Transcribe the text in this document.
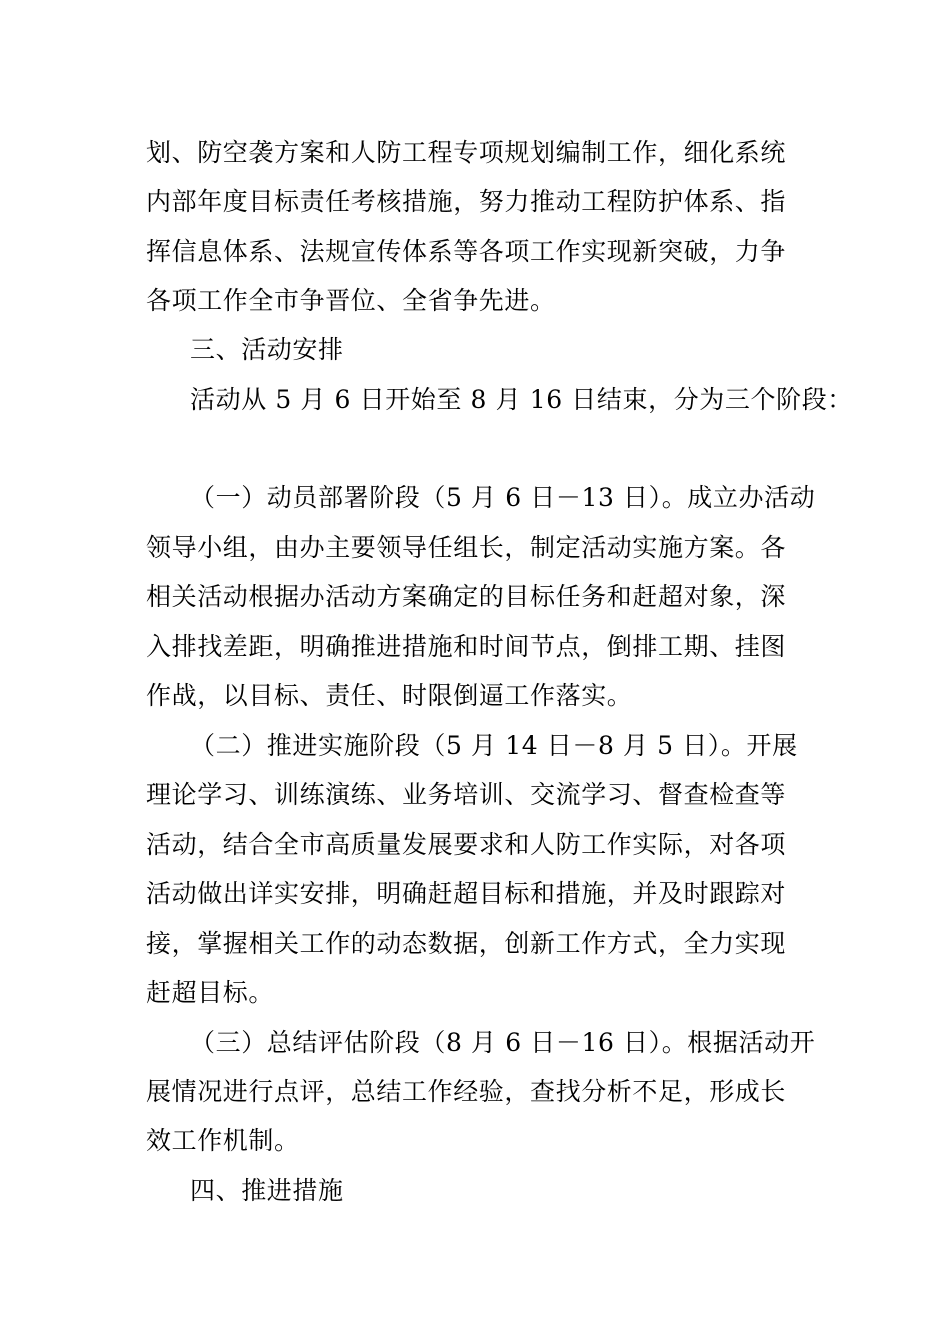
划、防空袭方案和人防工程专项规划编制工作，细化系统

内部年度目标责任考核措施，努力推动工程防护体系、指

挥信息体系、法规宣传体系等各项工作实现新突破，力争

各项工作全市争晋位、全省争先进。

三、活动安排

活动从 5 月 6 日开始至 8 月 16 日结束，分为三个阶段：

（一）动员部署阶段（5 月 6 日－13 日）。成立办活动

领导小组，由办主要领导任组长，制定活动实施方案。各

相关活动根据办活动方案确定的目标任务和赶超对象，深

入排找差距，明确推进措施和时间节点，倒排工期、挂图

作战，以目标、责任、时限倒逼工作落实。

（二）推进实施阶段（5 月 14 日－8 月 5 日）。开展

理论学习、训练演练、业务培训、交流学习、督查检查等

活动，结合全市高质量发展要求和人防工作实际，对各项

活动做出详实安排，明确赶超目标和措施，并及时跟踪对

接，掌握相关工作的动态数据，创新工作方式，全力实现

赶超目标。

（三）总结评估阶段（8 月 6 日－16 日）。根据活动开

展情况进行点评，总结工作经验，查找分析不足，形成长

效工作机制。

四、推进措施
